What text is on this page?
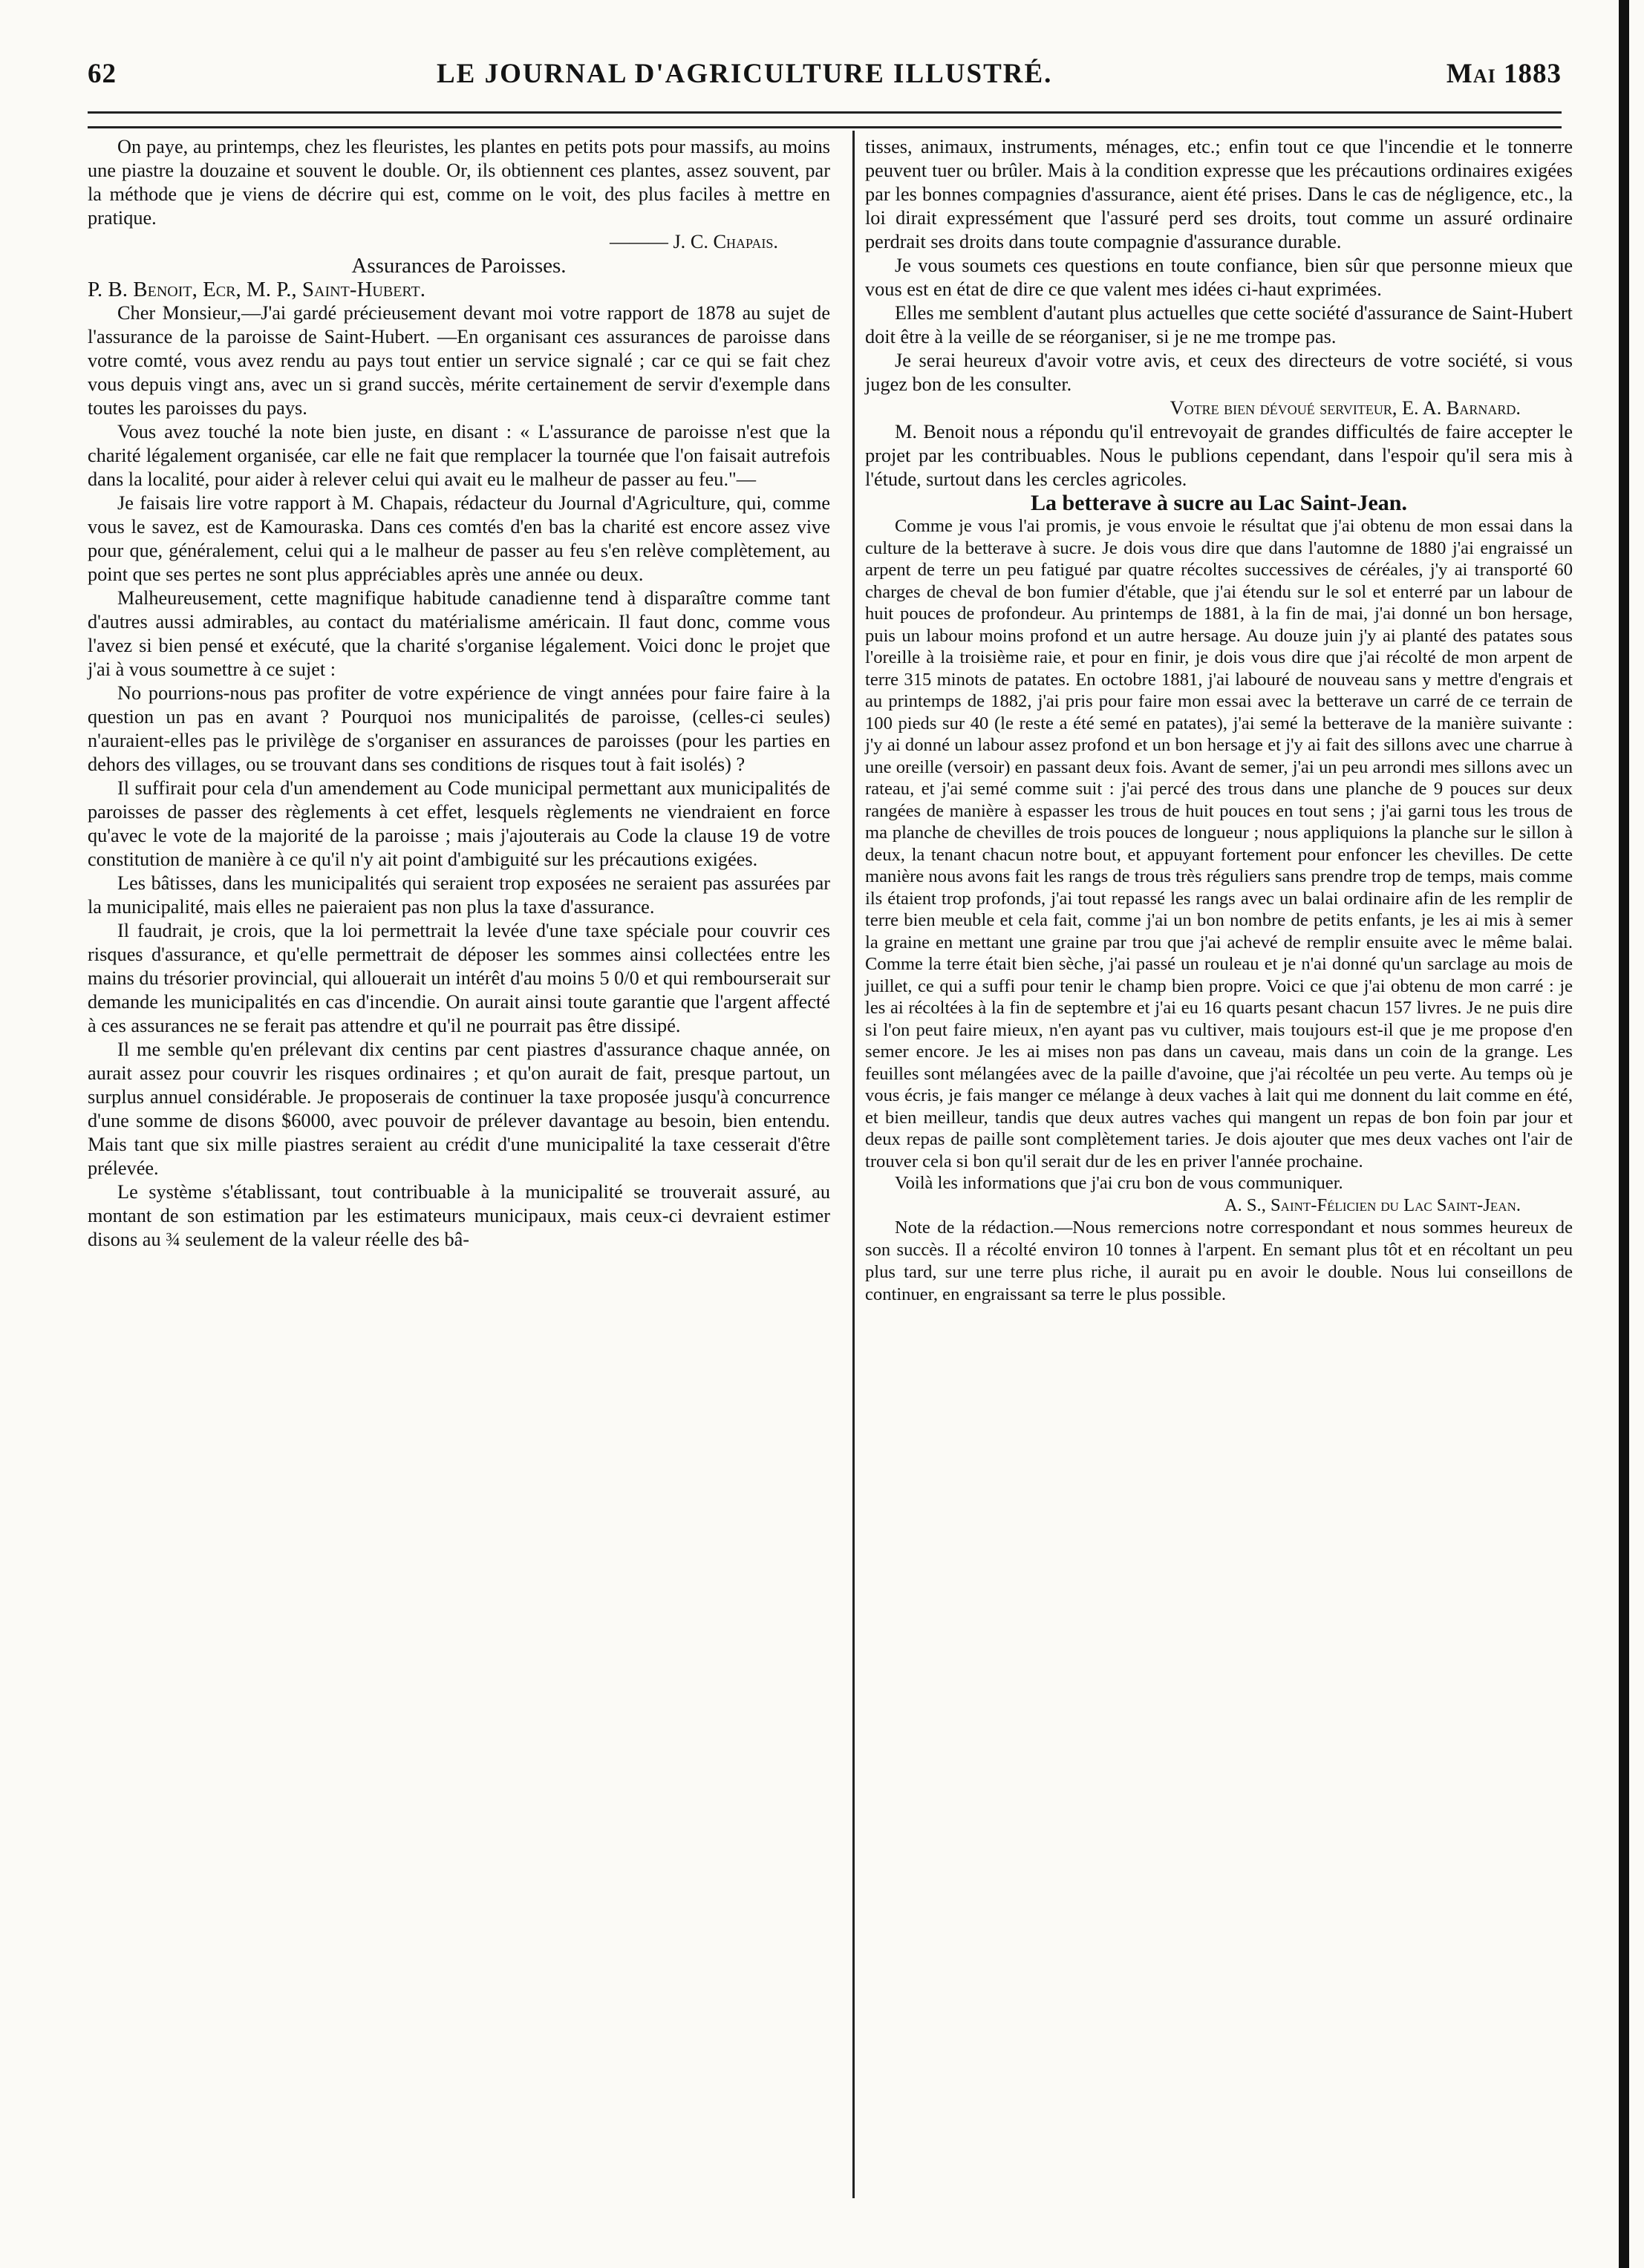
62	LE JOURNAL D'AGRICULTURE ILLUSTRÉ.	Mai 1883

On paye, au printemps, chez les fleuristes, les plantes en petits pots pour massifs, au moins une piastre la douzaine et souvent le double. Or, ils obtiennent ces plantes, assez souvent, par la méthode que je viens de décrire qui est, comme on le voit, des plus faciles à mettre en pratique.

——— J. C. Chapais.

Assurances de Paroisses.

P. B. Benoit, Ecr, M. P., Saint-Hubert.

Cher Monsieur,—J'ai gardé précieusement devant moi votre rapport de 1878 au sujet de l'assurance de la paroisse de Saint-Hubert. —En organisant ces assurances de paroisse dans votre comté, vous avez rendu au pays tout entier un service signalé ; car ce qui se fait chez vous depuis vingt ans, avec un si grand succès, mérite certainement de servir d'exemple dans toutes les paroisses du pays.

Vous avez touché la note bien juste, en disant : « L'assurance de paroisse n'est que la charité légalement organisée, car elle ne fait que remplacer la tournée que l'on faisait autrefois dans la localité, pour aider à relever celui qui avait eu le malheur de passer au feu."—

Je faisais lire votre rapport à M. Chapais, rédacteur du Journal d'Agriculture, qui, comme vous le savez, est de Kamouraska. Dans ces comtés d'en bas la charité est encore assez vive pour que, généralement, celui qui a le malheur de passer au feu s'en relève complètement, au point que ses pertes ne sont plus appréciables après une année ou deux.

Malheureusement, cette magnifique habitude canadienne tend à disparaître comme tant d'autres aussi admirables, au contact du matérialisme américain. Il faut donc, comme vous l'avez si bien pensé et exécuté, que la charité s'organise légalement. Voici donc le projet que j'ai à vous soumettre à ce sujet :

No pourrions-nous pas profiter de votre expérience de vingt années pour faire faire à la question un pas en avant ? Pourquoi nos municipalités de paroisse, (celles-ci seules) n'auraient-elles pas le privilège de s'organiser en assurances de paroisses (pour les parties en dehors des villages, ou se trouvant dans ses conditions de risques tout à fait isolés) ?

Il suffirait pour cela d'un amendement au Code municipal permettant aux municipalités de paroisses de passer des règlements à cet effet, lesquels règlements ne viendraient en force qu'avec le vote de la majorité de la paroisse ; mais j'ajouterais au Code la clause 19 de votre constitution de manière à ce qu'il n'y ait point d'ambiguité sur les précautions exigées.

Les bâtisses, dans les municipalités qui seraient trop exposées ne seraient pas assurées par la municipalité, mais elles ne paieraient pas non plus la taxe d'assurance.

Il faudrait, je crois, que la loi permettrait la levée d'une taxe spéciale pour couvrir ces risques d'assurance, et qu'elle permettrait de déposer les sommes ainsi collectées entre les mains du trésorier provincial, qui allouerait un intérêt d'au moins 5 0/0 et qui rembourserait sur demande les municipalités en cas d'incendie. On aurait ainsi toute garantie que l'argent affecté à ces assurances ne se ferait pas attendre et qu'il ne pourrait pas être dissipé.

Il me semble qu'en prélevant dix centins par cent piastres d'assurance chaque année, on aurait assez pour couvrir les risques ordinaires ; et qu'on aurait de fait, presque partout, un surplus annuel considérable. Je proposerais de continuer la taxe proposée jusqu'à concurrence d'une somme de disons $6000, avec pouvoir de prélever davantage au besoin, bien entendu. Mais tant que six mille piastres seraient au crédit d'une municipalité la taxe cesserait d'être prélevée.

Le système s'établissant, tout contribuable à la municipalité se trouverait assuré, au montant de son estimation par les estimateurs municipaux, mais ceux-ci devraient estimer disons au ¾ seulement de la valeur réelle des bâ-

tisses, animaux, instruments, ménages, etc.; enfin tout ce que l'incendie et le tonnerre peuvent tuer ou brûler. Mais à la condition expresse que les précautions ordinaires exigées par les bonnes compagnies d'assurance, aient été prises. Dans le cas de négligence, etc., la loi dirait expressément que l'assuré perd ses droits, tout comme un assuré ordinaire perdrait ses droits dans toute compagnie d'assurance durable.

Je vous soumets ces questions en toute confiance, bien sûr que personne mieux que vous est en état de dire ce que valent mes idées ci-haut exprimées.

Elles me semblent d'autant plus actuelles que cette société d'assurance de Saint-Hubert doit être à la veille de se réorganiser, si je ne me trompe pas.

Je serai heureux d'avoir votre avis, et ceux des directeurs de votre société, si vous jugez bon de les consulter.

Votre bien dévoué serviteur, E. A. Barnard.

M. Benoit nous a répondu qu'il entrevoyait de grandes difficultés de faire accepter le projet par les contribuables. Nous le publions cependant, dans l'espoir qu'il sera mis à l'étude, surtout dans les cercles agricoles.

La betterave à sucre au Lac Saint-Jean.

Comme je vous l'ai promis, je vous envoie le résultat que j'ai obtenu de mon essai dans la culture de la betterave à sucre. Je dois vous dire que dans l'automne de 1880 j'ai engraissé un arpent de terre un peu fatigué par quatre récoltes successives de céréales, j'y ai transporté 60 charges de cheval de bon fumier d'étable, que j'ai étendu sur le sol et enterré par un labour de huit pouces de profondeur. Au printemps de 1881, à la fin de mai, j'ai donné un bon hersage, puis un labour moins profond et un autre hersage. Au douze juin j'y ai planté des patates sous l'oreille à la troisième raie, et pour en finir, je dois vous dire que j'ai récolté de mon arpent de terre 315 minots de patates. En octobre 1881, j'ai labouré de nouveau sans y mettre d'engrais et au printemps de 1882, j'ai pris pour faire mon essai avec la betterave un carré de ce terrain de 100 pieds sur 40 (le reste a été semé en patates), j'ai semé la betterave de la manière suivante : j'y ai donné un labour assez profond et un bon hersage et j'y ai fait des sillons avec une charrue à une oreille (versoir) en passant deux fois. Avant de semer, j'ai un peu arrondi mes sillons avec un rateau, et j'ai semé comme suit : j'ai percé des trous dans une planche de 9 pouces sur deux rangées de manière à espasser les trous de huit pouces en tout sens ; j'ai garni tous les trous de ma planche de chevilles de trois pouces de longueur ; nous appliquions la planche sur le sillon à deux, la tenant chacun notre bout, et appuyant fortement pour enfoncer les chevilles. De cette manière nous avons fait les rangs de trous très réguliers sans prendre trop de temps, mais comme ils étaient trop profonds, j'ai tout repassé les rangs avec un balai ordinaire afin de les remplir de terre bien meuble et cela fait, comme j'ai un bon nombre de petits enfants, je les ai mis à semer la graine en mettant une graine par trou que j'ai achevé de remplir ensuite avec le même balai. Comme la terre était bien sèche, j'ai passé un rouleau et je n'ai donné qu'un sarclage au mois de juillet, ce qui a suffi pour tenir le champ bien propre. Voici ce que j'ai obtenu de mon carré : je les ai récoltées à la fin de septembre et j'ai eu 16 quarts pesant chacun 157 livres. Je ne puis dire si l'on peut faire mieux, n'en ayant pas vu cultiver, mais toujours est-il que je me propose d'en semer encore. Je les ai mises non pas dans un caveau, mais dans un coin de la grange. Les feuilles sont mélangées avec de la paille d'avoine, que j'ai récoltée un peu verte. Au temps où je vous écris, je fais manger ce mélange à deux vaches à lait qui me donnent du lait comme en été, et bien meilleur, tandis que deux autres vaches qui mangent un repas de bon foin par jour et deux repas de paille sont complètement taries. Je dois ajouter que mes deux vaches ont l'air de trouver cela si bon qu'il serait dur de les en priver l'année prochaine.

Voilà les informations que j'ai cru bon de vous communiquer.

A. S., Saint-Félicien du Lac Saint-Jean.

Note de la rédaction.—Nous remercions notre correspondant et nous sommes heureux de son succès. Il a récolté environ 10 tonnes à l'arpent. En semant plus tôt et en récoltant un peu plus tard, sur une terre plus riche, il aurait pu en avoir le double. Nous lui conseillons de continuer, en engraissant sa terre le plus possible.
